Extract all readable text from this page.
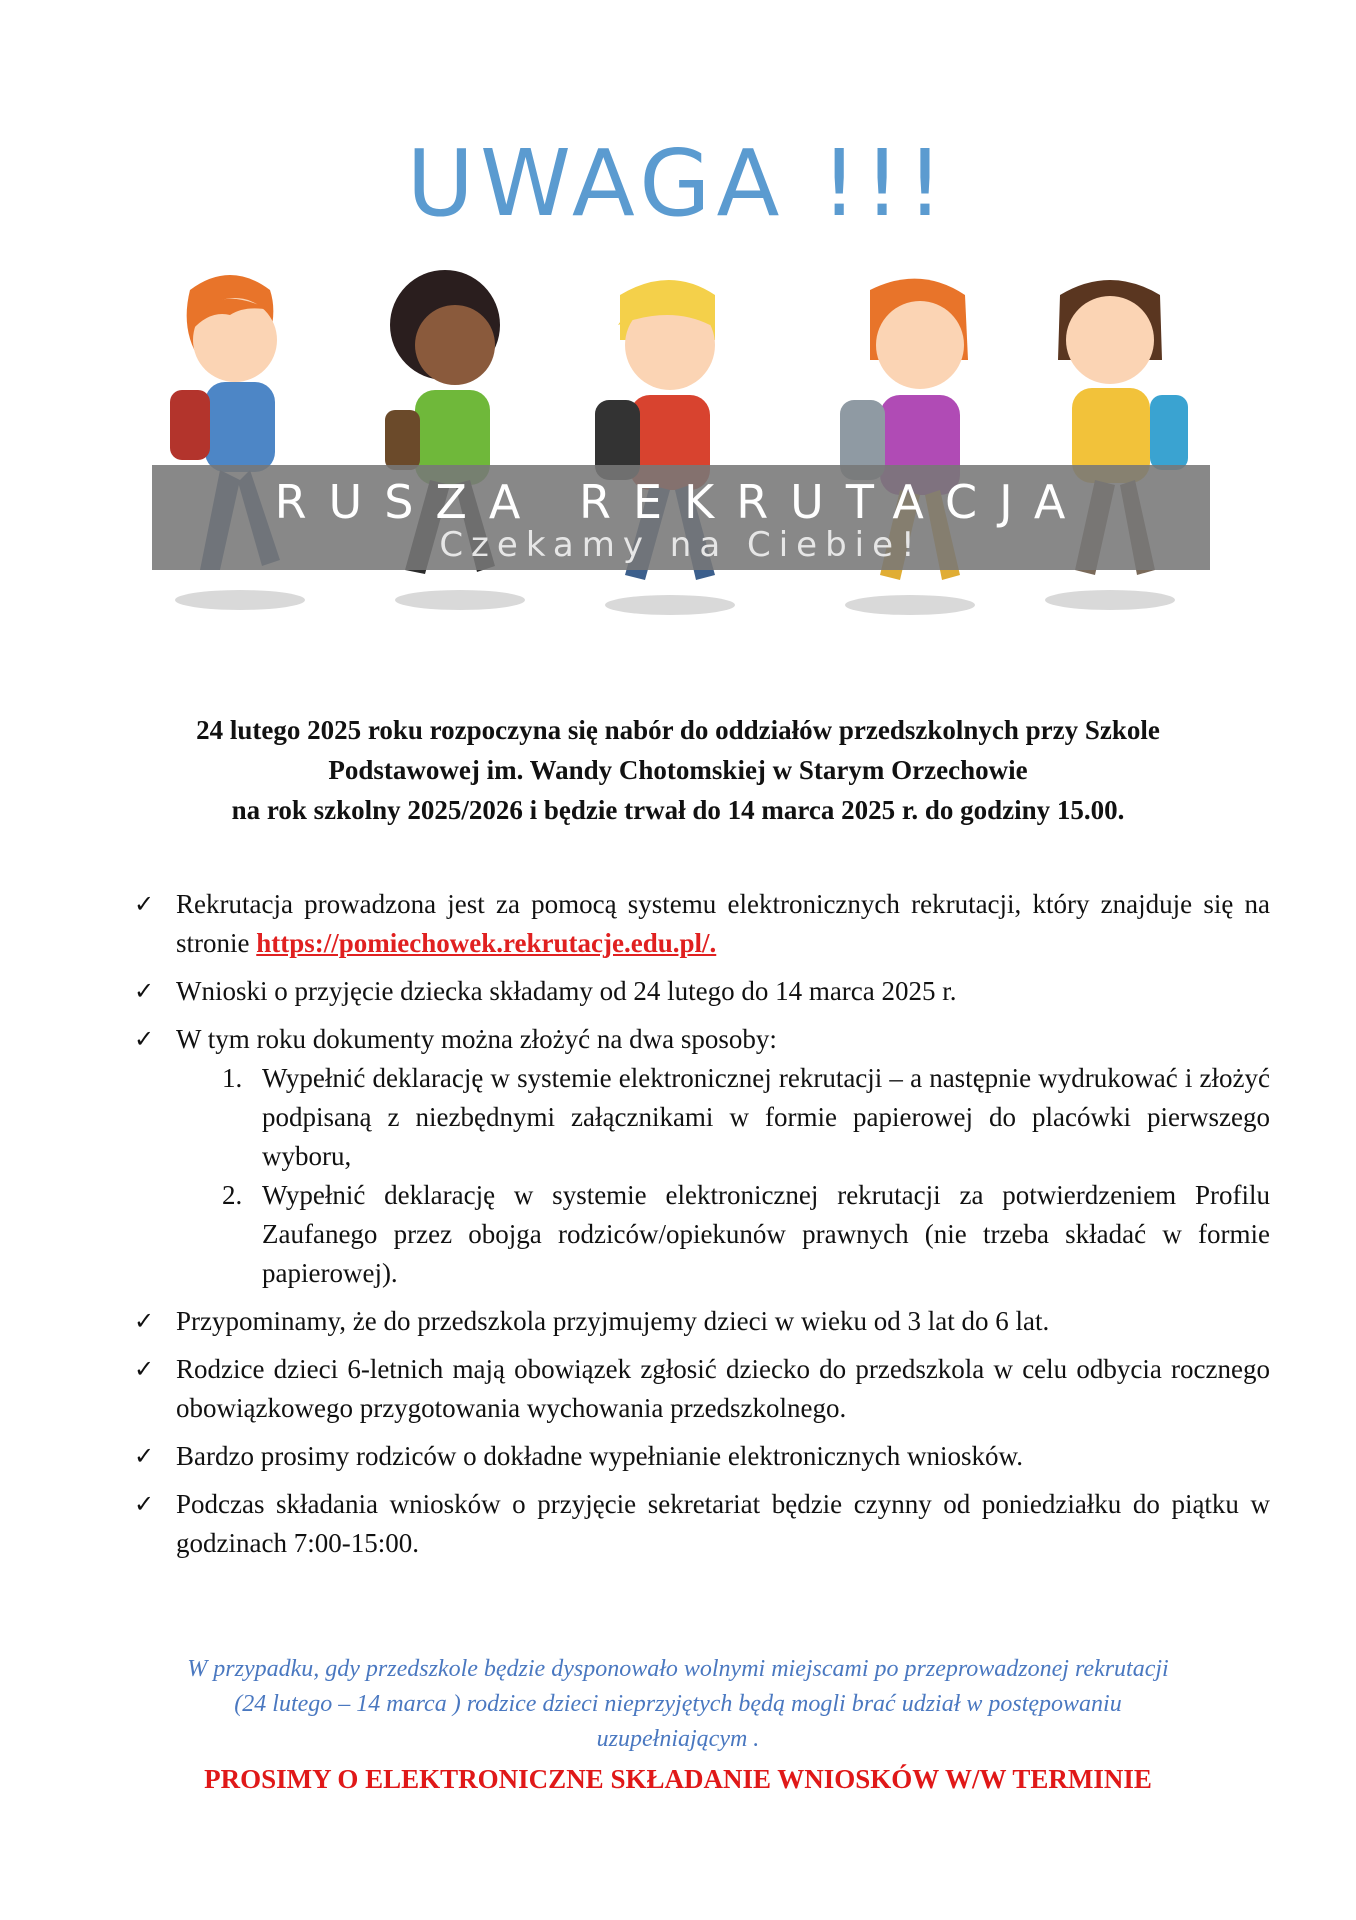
UWAGA !!!
RUSZA REKRUTACJA
Czekamy na Ciebie!
24 lutego 2025 roku rozpoczyna się nabór do oddziałów przedszkolnych przy Szkole
Podstawowej im. Wandy Chotomskiej w Starym Orzechowie
na rok szkolny 2025/2026 i będzie trwał do 14 marca 2025 r. do godziny 15.00.
✓ Rekrutacja prowadzona jest za pomocą systemu elektronicznych rekrutacji, który znajduje się na stronie https://pomiechowek.rekrutacje.edu.pl/.
✓ Wnioski o przyjęcie dziecka składamy od 24 lutego do 14 marca 2025 r.
✓ W tym roku dokumenty można złożyć na dwa sposoby:
1. Wypełnić deklarację w systemie elektronicznej rekrutacji – a następnie wydrukować i złożyć podpisaną z niezbędnymi załącznikami w formie papierowej do placówki pierwszego wyboru,
2. Wypełnić deklarację w systemie elektronicznej rekrutacji za potwierdzeniem Profilu Zaufanego przez obojga rodziców/opiekunów prawnych (nie trzeba składać w formie papierowej).
✓ Przypominamy, że do przedszkola przyjmujemy dzieci w wieku od 3 lat do 6 lat.
✓ Rodzice dzieci 6-letnich mają obowiązek zgłosić dziecko do przedszkola w celu odbycia rocznego obowiązkowego przygotowania wychowania przedszkolnego.
✓ Bardzo prosimy rodziców o dokładne wypełnianie elektronicznych wniosków.
✓ Podczas składania wniosków o przyjęcie sekretariat będzie czynny od poniedziałku do piątku w godzinach 7:00-15:00.
W przypadku, gdy przedszkole będzie dysponowało wolnymi miejscami po przeprowadzonej rekrutacji
(24 lutego – 14 marca ) rodzice dzieci nieprzyjętych będą mogli brać udział w postępowaniu
uzupełniającym .
PROSIMY O ELEKTRONICZNE SKŁADANIE WNIOSKÓW W/W TERMINIE
